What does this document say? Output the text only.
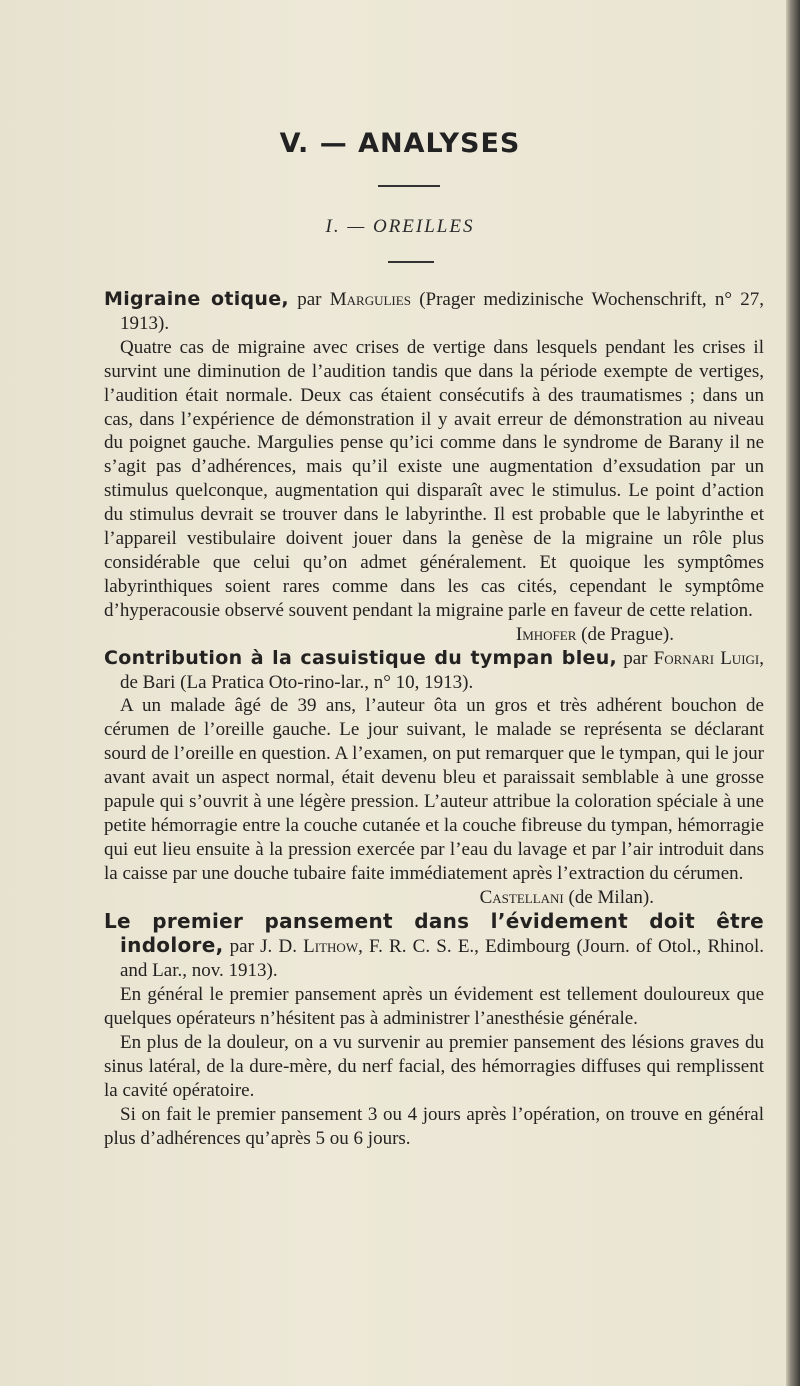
V. — ANALYSES
I. — OREILLES

Migraine otique, par Margulies (Prager medizinische Wochenschrift, n° 27, 1913).

Quatre cas de migraine avec crises de vertige dans lesquels pendant les crises il survint une diminution de l’audition tandis que dans la période exempte de vertiges, l’audition était normale. Deux cas étaient consécutifs à des traumatismes ; dans un cas, dans l’expérience de démonstration il y avait erreur de démonstration au niveau du poignet gauche. Margulies pense qu’ici comme dans le syndrome de Barany il ne s’agit pas d’adhérences, mais qu’il existe une augmentation d’exsudation par un stimulus quelconque, augmentation qui disparaît avec le stimulus. Le point d’action du stimulus devrait se trouver dans le labyrinthe. Il est probable que le labyrinthe et l’appareil vestibulaire doivent jouer dans la genèse de la migraine un rôle plus considérable que celui qu’on admet généralement. Et quoique les symptômes labyrinthiques soient rares comme dans les cas cités, cependant le symptôme d’hyperacousie observé souvent pendant la migraine parle en faveur de cette relation.

Imhofer (de Prague).

Contribution à la casuistique du tympan bleu, par Fornari Luigi, de Bari (La Pratica Oto-rino-lar., n° 10, 1913).

A un malade âgé de 39 ans, l’auteur ôta un gros et très adhérent bouchon de cérumen de l’oreille gauche. Le jour suivant, le malade se représenta se déclarant sourd de l’oreille en question. A l’examen, on put remarquer que le tympan, qui le jour avant avait un aspect normal, était devenu bleu et paraissait semblable à une grosse papule qui s’ouvrit à une légère pression. L’auteur attribue la coloration spéciale à une petite hémorragie entre la couche cutanée et la couche fibreuse du tympan, hémorragie qui eut lieu ensuite à la pression exercée par l’eau du lavage et par l’air introduit dans la caisse par une douche tubaire faite immédiatement après l’extraction du cérumen.

Castellani (de Milan).

Le premier pansement dans l’évidement doit être indolore, par J. D. Lithow, F. R. C. S. E., Edimbourg (Journ. of Otol., Rhinol. and Lar., nov. 1913).

En général le premier pansement après un évidement est tellement douloureux que quelques opérateurs n’hésitent pas à administrer l’anesthésie générale.

En plus de la douleur, on a vu survenir au premier pansement des lésions graves du sinus latéral, de la dure-mère, du nerf facial, des hémorragies diffuses qui remplissent la cavité opératoire.

Si on fait le premier pansement 3 ou 4 jours après l’opération, on trouve en général plus d’adhérences qu’après 5 ou 6 jours.
